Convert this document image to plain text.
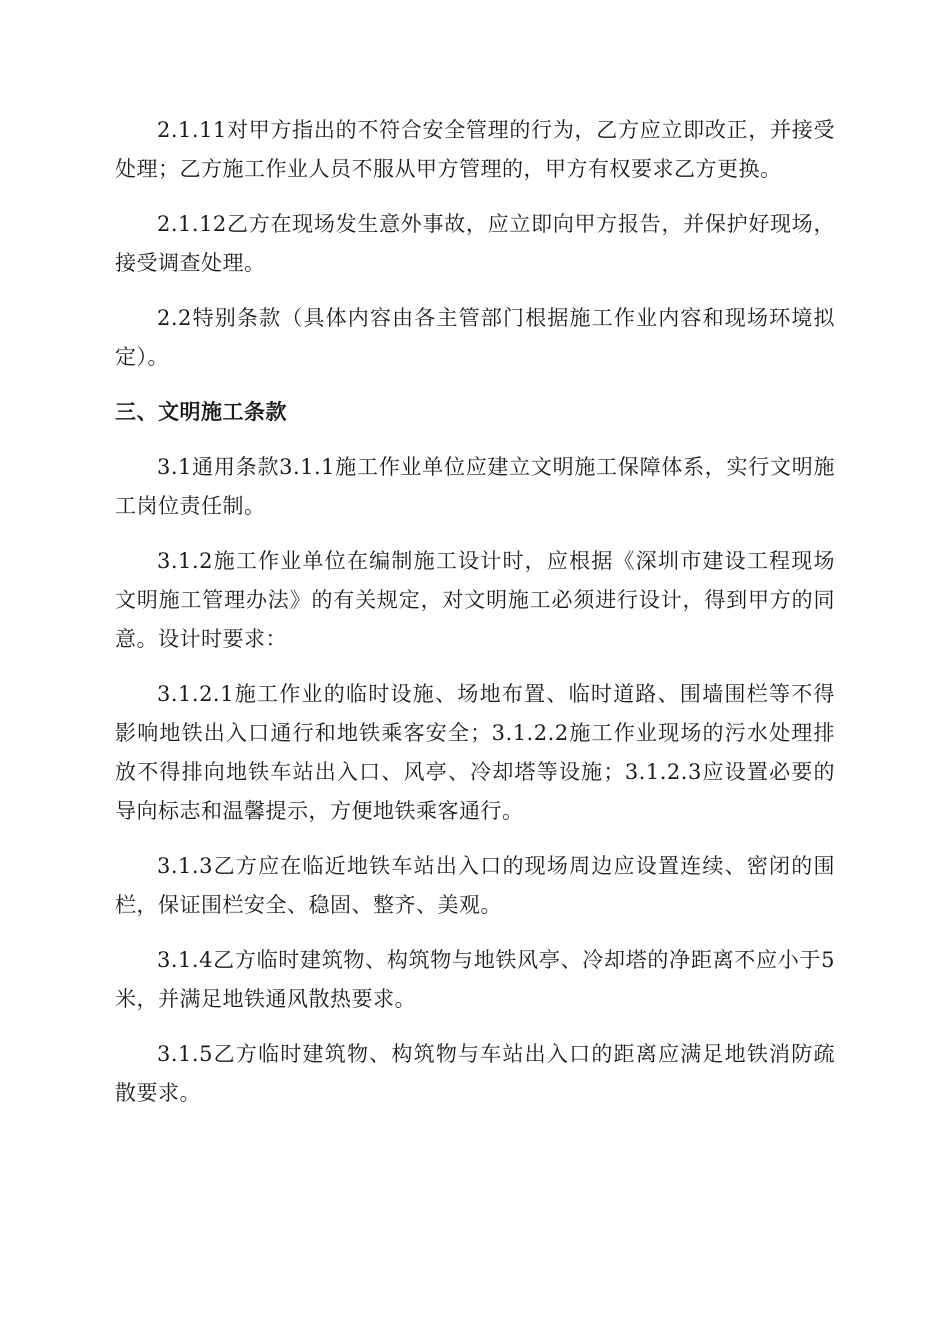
2.1.11对甲方指出的不符合安全管理的行为，乙方应立即改正，并接受处理；乙方施工作业人员不服从甲方管理的，甲方有权要求乙方更换。

2.1.12乙方在现场发生意外事故，应立即向甲方报告，并保护好现场，接受调查处理。

2.2特别条款（具体内容由各主管部门根据施工作业内容和现场环境拟定）。

三、文明施工条款

3.1通用条款3.1.1施工作业单位应建立文明施工保障体系，实行文明施工岗位责任制。

3.1.2施工作业单位在编制施工设计时，应根据《深圳市建设工程现场文明施工管理办法》的有关规定，对文明施工必须进行设计，得到甲方的同意。设计时要求：

3.1.2.1施工作业的临时设施、场地布置、临时道路、围墙围栏等不得影响地铁出入口通行和地铁乘客安全；3.1.2.2施工作业现场的污水处理排放不得排向地铁车站出入口、风亭、冷却塔等设施；3.1.2.3应设置必要的导向标志和温馨提示，方便地铁乘客通行。

3.1.3乙方应在临近地铁车站出入口的现场周边应设置连续、密闭的围栏，保证围栏安全、稳固、整齐、美观。

3.1.4乙方临时建筑物、构筑物与地铁风亭、冷却塔的净距离不应小于5米，并满足地铁通风散热要求。

3.1.5乙方临时建筑物、构筑物与车站出入口的距离应满足地铁消防疏散要求。
